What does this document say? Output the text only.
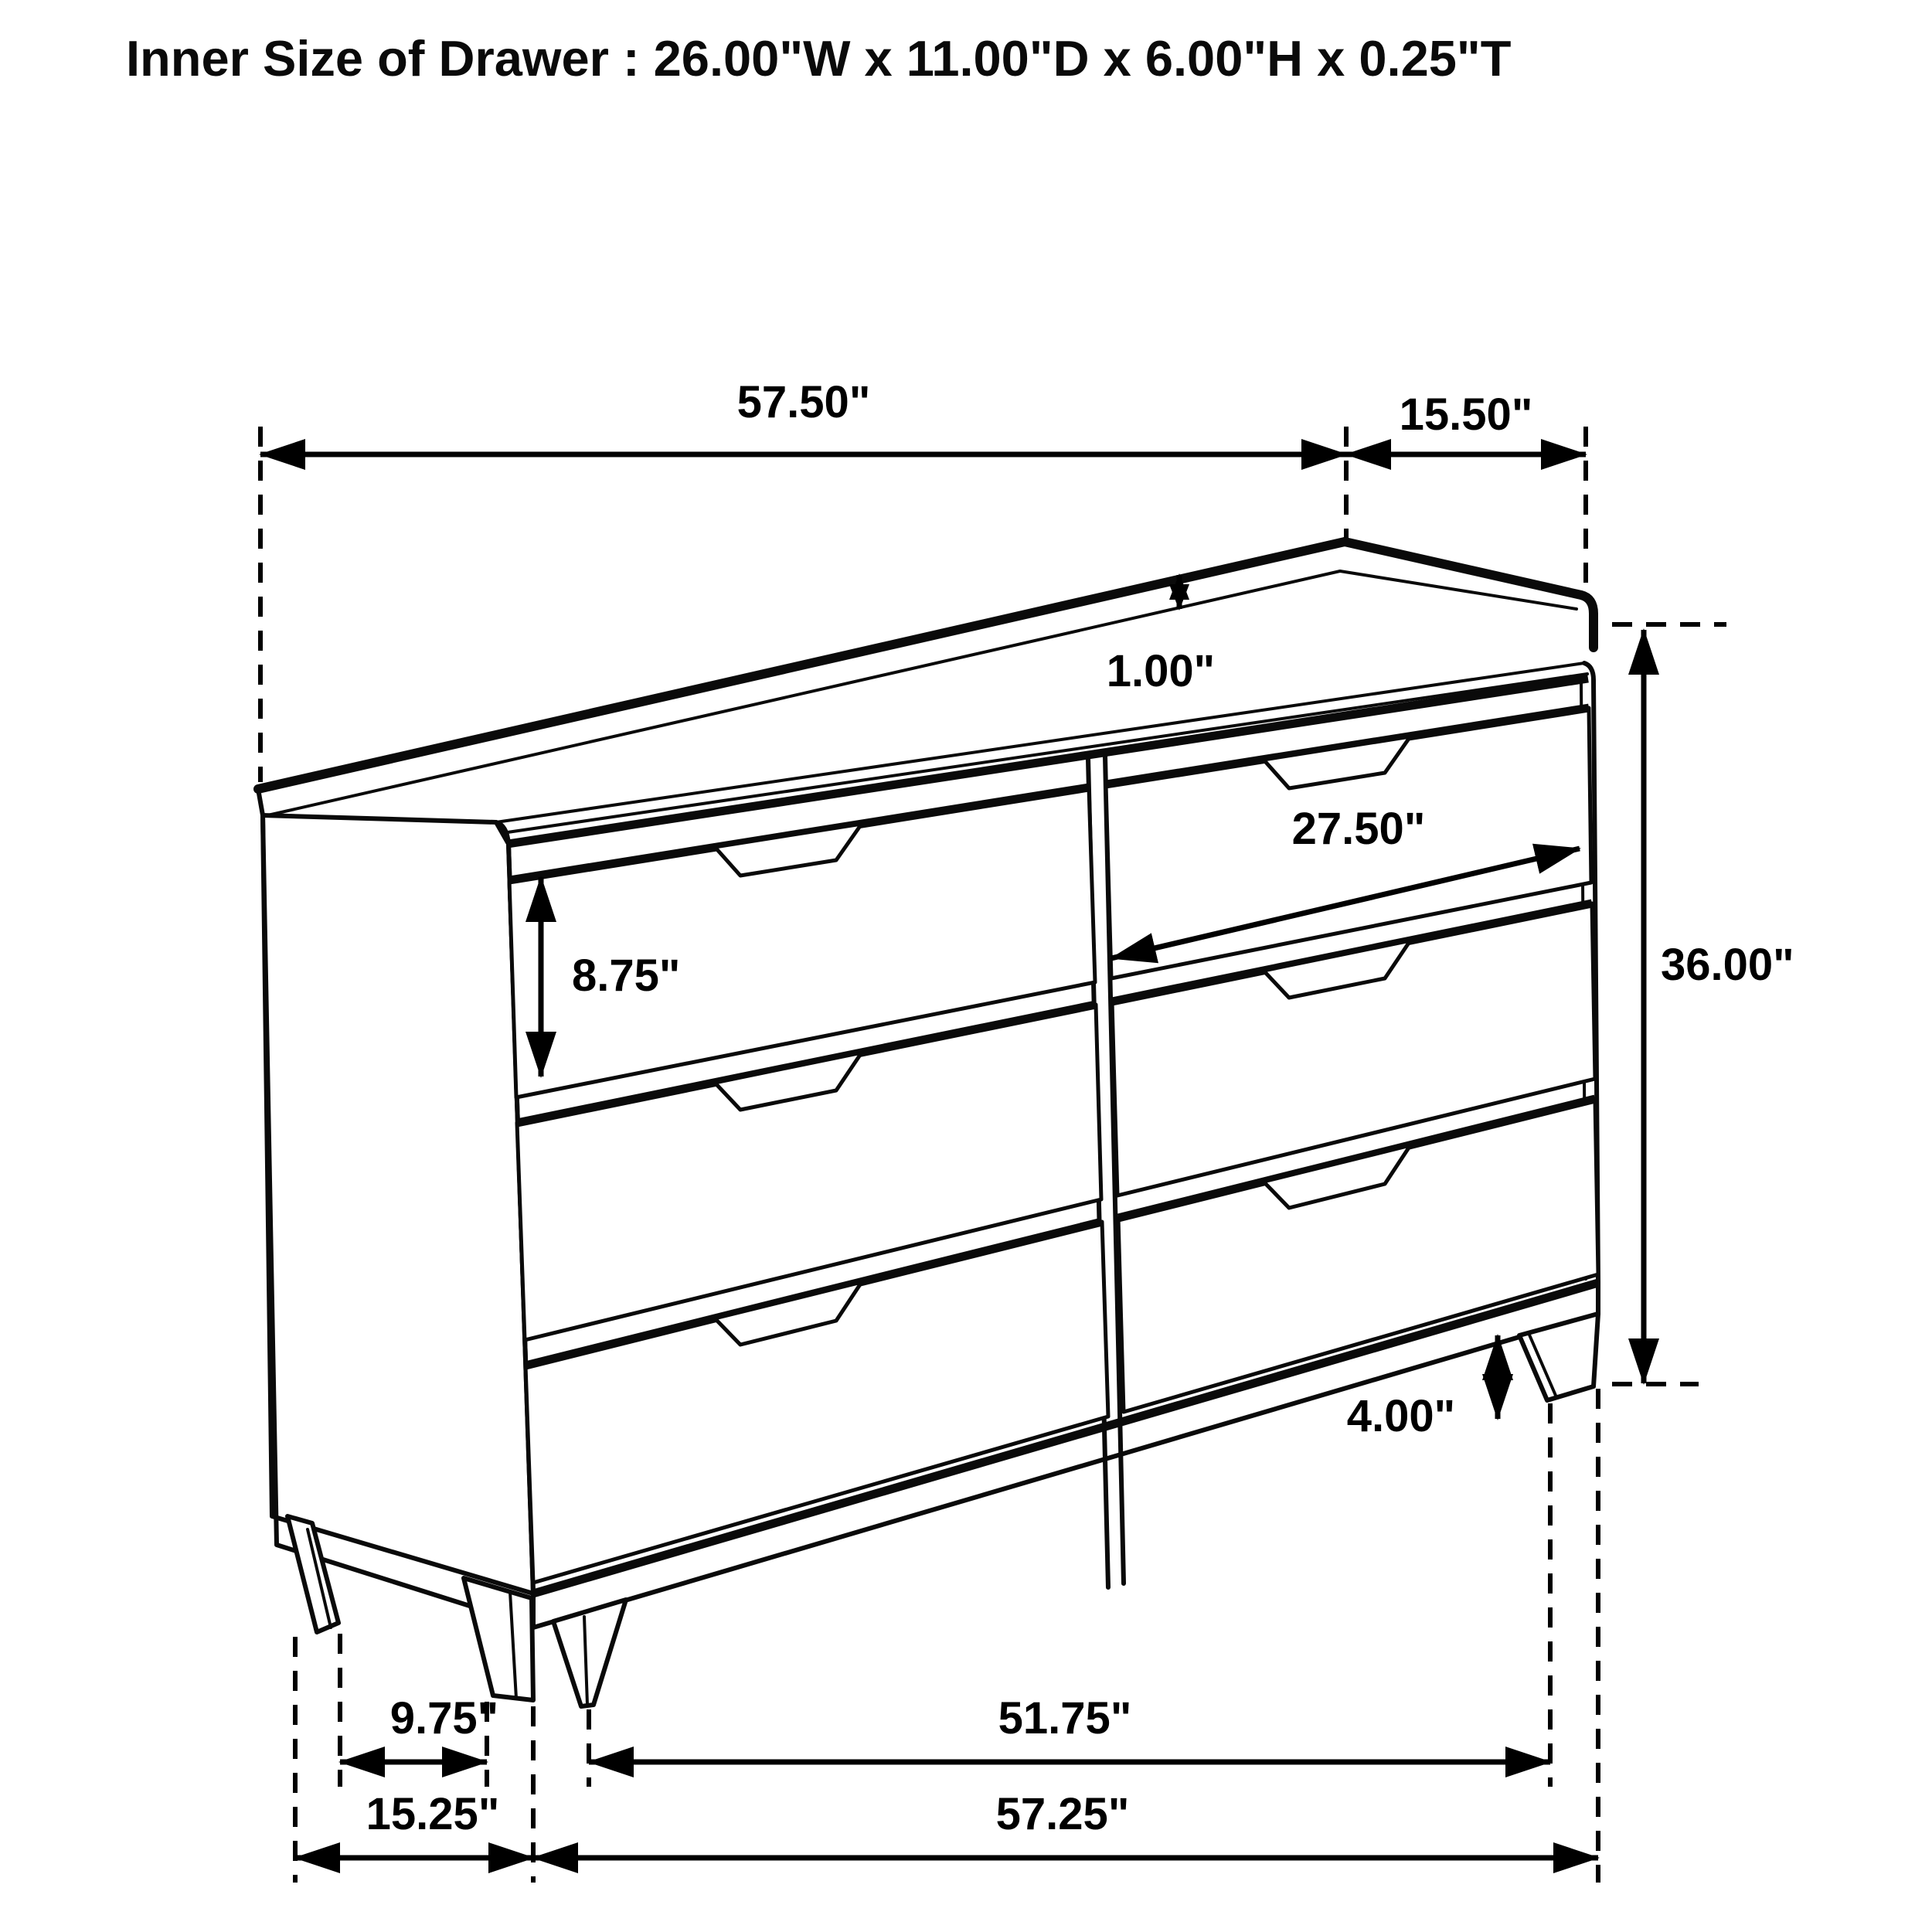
Inner Size of Drawer : 26.00"W x 11.00"D x 6.00"H x 0.25"T
57.50"	15.50"
1.00"
27.50"
8.75"	36.00"
4.00"
9.75"	51.75"
15.25"	57.25"
